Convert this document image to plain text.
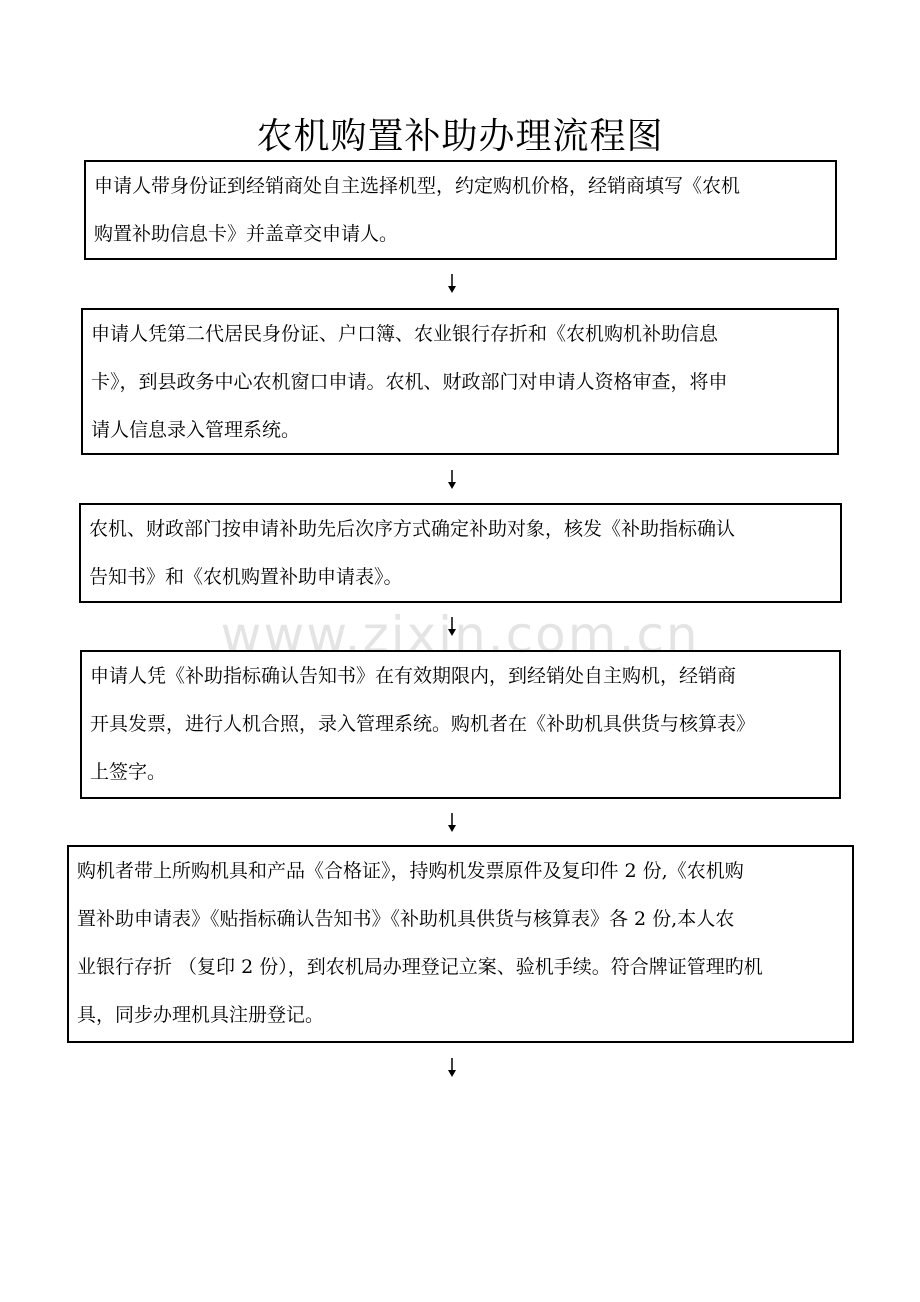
农机购置补助办理流程图
www.zixin.com.cn
申请人带身份证到经销商处自主选择机型，约定购机价格，经销商填写《农机
购置补助信息卡》并盖章交申请人。
申请人凭第二代居民身份证、户口簿、农业银行存折和《农机购机补助信息
卡》，到县政务中心农机窗口申请。农机、财政部门对申请人资格审查，将申
请人信息录入管理系统。
农机、财政部门按申请补助先后次序方式确定补助对象，核发《补助指标确认
告知书》和《农机购置补助申请表》。
申请人凭《补助指标确认告知书》在有效期限内，到经销处自主购机，经销商
开具发票，进行人机合照，录入管理系统。购机者在《补助机具供货与核算表》
上签字。
购机者带上所购机具和产品《合格证》，持购机发票原件及复印件 2 份,《农机购
置补助申请表》《贴指标确认告知书》《补助机具供货与核算表》各 2 份,本人农
业银行存折 （复印 2 份），到农机局办理登记立案、验机手续。符合牌证管理旳机
具，同步办理机具注册登记。
